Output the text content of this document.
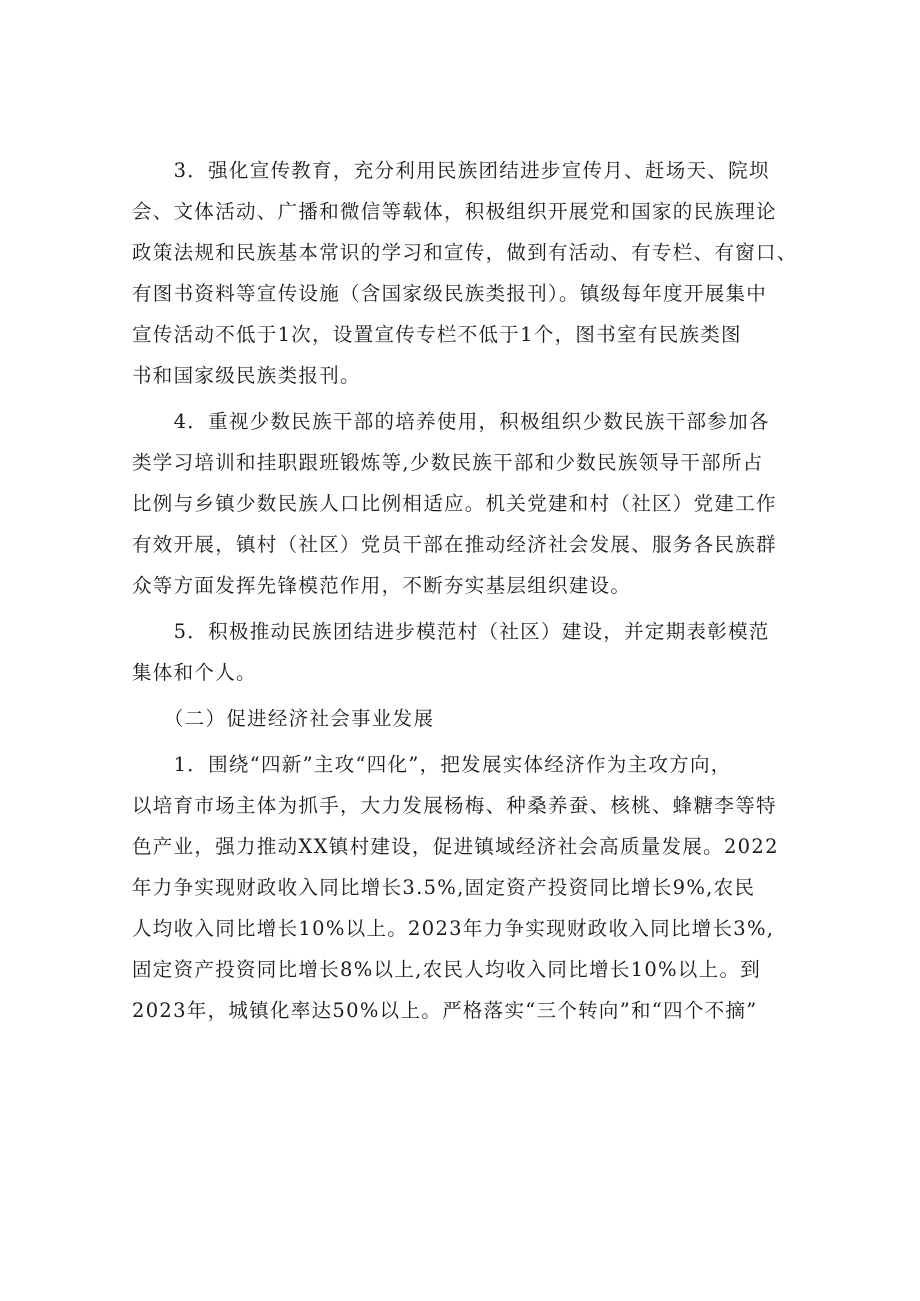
　　3．强化宣传教育，充分利用民族团结进步宣传月、赶场天、院坝
会、文体活动、广播和微信等载体，积极组织开展党和国家的民族理论
政策法规和民族基本常识的学习和宣传，做到有活动、有专栏、有窗口、
有图书资料等宣传设施（含国家级民族类报刊）。镇级每年度开展集中
宣传活动不低于1次，设置宣传专栏不低于1个，图书室有民族类图
书和国家级民族类报刊。
　　4．重视少数民族干部的培养使用，积极组织少数民族干部参加各
类学习培训和挂职跟班锻炼等,少数民族干部和少数民族领导干部所占
比例与乡镇少数民族人口比例相适应。机关党建和村（社区）党建工作
有效开展，镇村（社区）党员干部在推动经济社会发展、服务各民族群
众等方面发挥先锋模范作用，不断夯实基层组织建设。
　　5．积极推动民族团结进步模范村（社区）建设，并定期表彰模范
集体和个人。
　　（二）促进经济社会事业发展
　　1．围绕“四新”主攻“四化”，把发展实体经济作为主攻方向，
以培育市场主体为抓手，大力发展杨梅、种桑养蚕、核桃、蜂糖李等特
色产业，强力推动XX镇村建设，促进镇域经济社会高质量发展。2022
年力争实现财政收入同比增长3.5%,固定资产投资同比增长9%,农民
人均收入同比增长10%以上。2023年力争实现财政收入同比增长3%,
固定资产投资同比增长8%以上,农民人均收入同比增长10%以上。到
2023年，城镇化率达50%以上。严格落实“三个转向”和“四个不摘”
